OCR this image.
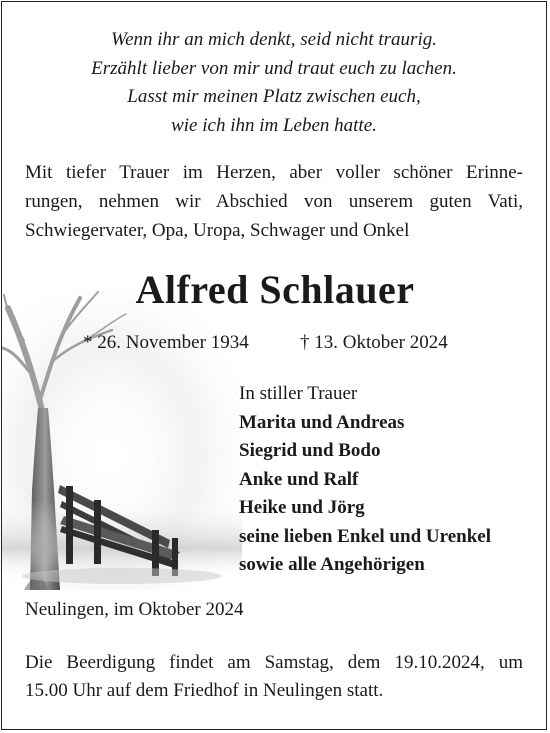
Wenn ihr an mich denkt, seid nicht traurig.
Erzählt lieber von mir und traut euch zu lachen.
Lasst mir meinen Platz zwischen euch,
wie ich ihn im Leben hatte.
Mit tiefer Trauer im Herzen, aber voller schöner Erinne-
rungen, nehmen wir Abschied von unserem guten Vati,
Schwiegervater, Opa, Uropa, Schwager und Onkel
Alfred Schlauer
* 26. November 1934	† 13. Oktober 2024
In stiller Trauer
Marita und Andreas
Siegrid und Bodo
Anke und Ralf
Heike und Jörg
seine lieben Enkel und Urenkel
sowie alle Angehörigen
Neulingen, im Oktober 2024
Die Beerdigung findet am Samstag, dem 19.10.2024, um
15.00 Uhr auf dem Friedhof in Neulingen statt.
